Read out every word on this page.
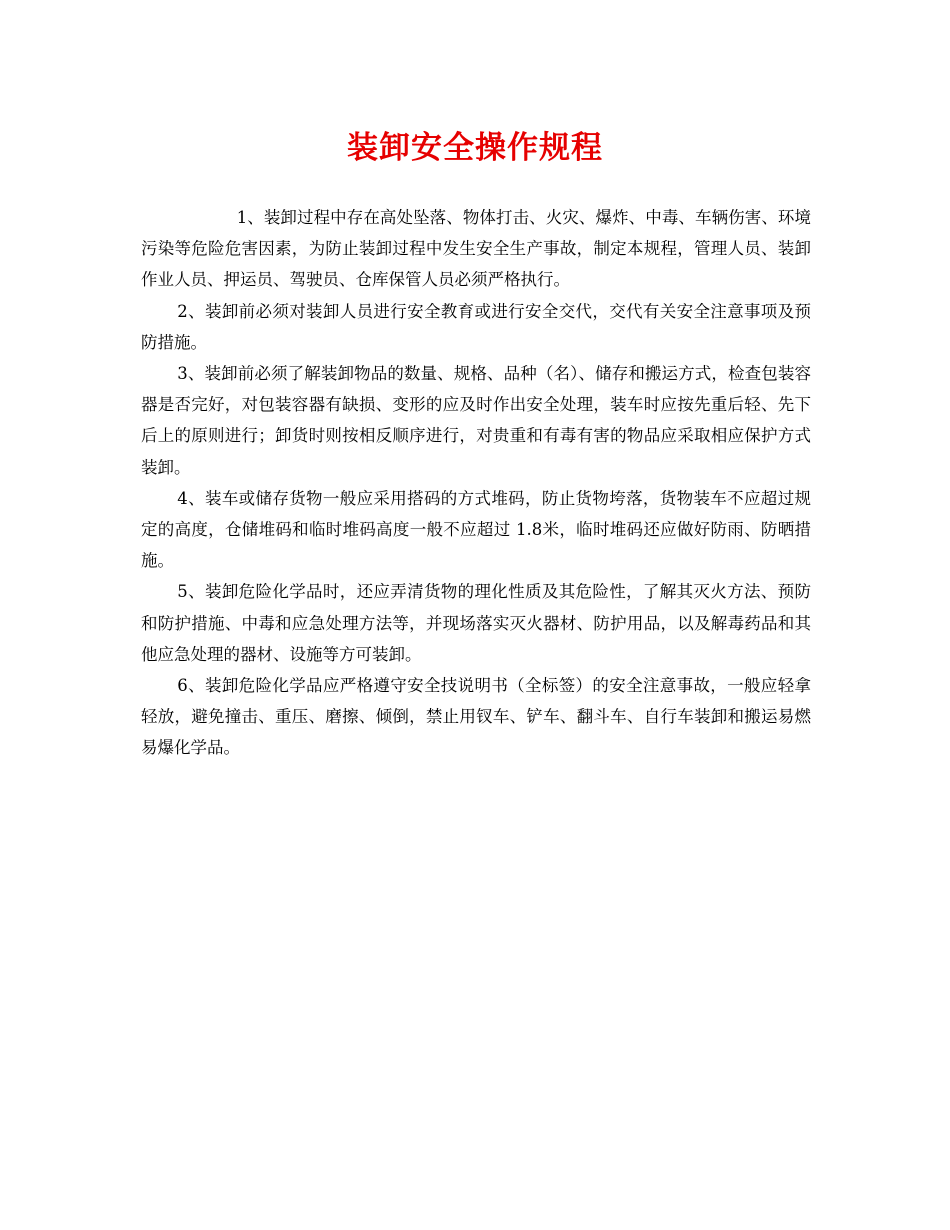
装卸安全操作规程

1、装卸过程中存在高处坠落、物体打击、火灾、爆炸、中毒、车辆伤害、环境污染等危险危害因素，为防止装卸过程中发生安全生产事故，制定本规程，管理人员、装卸作业人员、押运员、驾驶员、仓库保管人员必须严格执行。

2、装卸前必须对装卸人员进行安全教育或进行安全交代，交代有关安全注意事项及预防措施。

3、装卸前必须了解装卸物品的数量、规格、品种（名）、储存和搬运方式，检查包装容器是否完好，对包装容器有缺损、变形的应及时作出安全处理，装车时应按先重后轻、先下后上的原则进行；卸货时则按相反顺序进行，对贵重和有毒有害的物品应采取相应保护方式装卸。

4、装车或储存货物一般应采用搭码的方式堆码，防止货物垮落，货物装车不应超过规定的高度，仓储堆码和临时堆码高度一般不应超过 1.8米，临时堆码还应做好防雨、防晒措施。

5、装卸危险化学品时，还应弄清货物的理化性质及其危险性，了解其灭火方法、预防和防护措施、中毒和应急处理方法等，并现场落实灭火器材、防护用品，以及解毒药品和其他应急处理的器材、设施等方可装卸。

6、装卸危险化学品应严格遵守安全技说明书（全标签）的安全注意事故，一般应轻拿轻放，避免撞击、重压、磨擦、倾倒，禁止用钗车、铲车、翻斗车、自行车装卸和搬运易燃易爆化学品。
